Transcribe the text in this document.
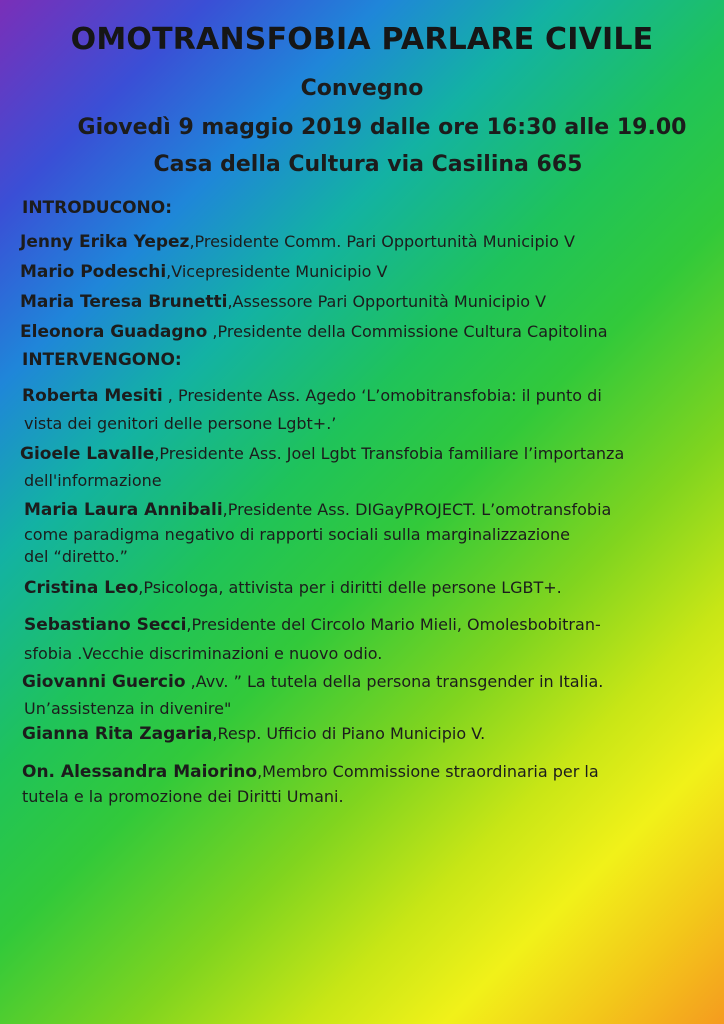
OMOTRANSFOBIA PARLARE CIVILE
Convegno
Giovedì 9 maggio 2019 dalle ore 16:30 alle 19.00
Casa della Cultura via Casilina 665
INTRODUCONO:
Jenny Erika Yepez,Presidente Comm. Pari Opportunità Municipio V
Mario Podeschi,Vicepresidente Municipio V
Maria Teresa Brunetti,Assessore Pari Opportunità Municipio V
Eleonora Guadagno ,Presidente della Commissione Cultura Capitolina
INTERVENGONO:
Roberta Mesiti , Presidente Ass. Agedo ‘L’omobitransfobia: il punto di
vista dei genitori delle persone Lgbt+.’
Gioele Lavalle,Presidente Ass. Joel Lgbt Transfobia familiare l’importanza
dell'informazione
Maria Laura Annibali,Presidente Ass. DIGayPROJECT. L’omotransfobia
come paradigma negativo di rapporti sociali sulla marginalizzazione
del “diretto.”
Cristina Leo,Psicologa, attivista per i diritti delle persone LGBT+.
Sebastiano Secci,Presidente del Circolo Mario Mieli, Omolesbobitran-
sfobia .Vecchie discriminazioni e nuovo odio.
Giovanni Guercio ,Avv. ” La tutela della persona transgender in Italia.
Un’assistenza in divenire"
Gianna Rita Zagaria,Resp. Ufficio di Piano Municipio V.
On. Alessandra Maiorino,Membro Commissione straordinaria per la
tutela e la promozione dei Diritti Umani.
